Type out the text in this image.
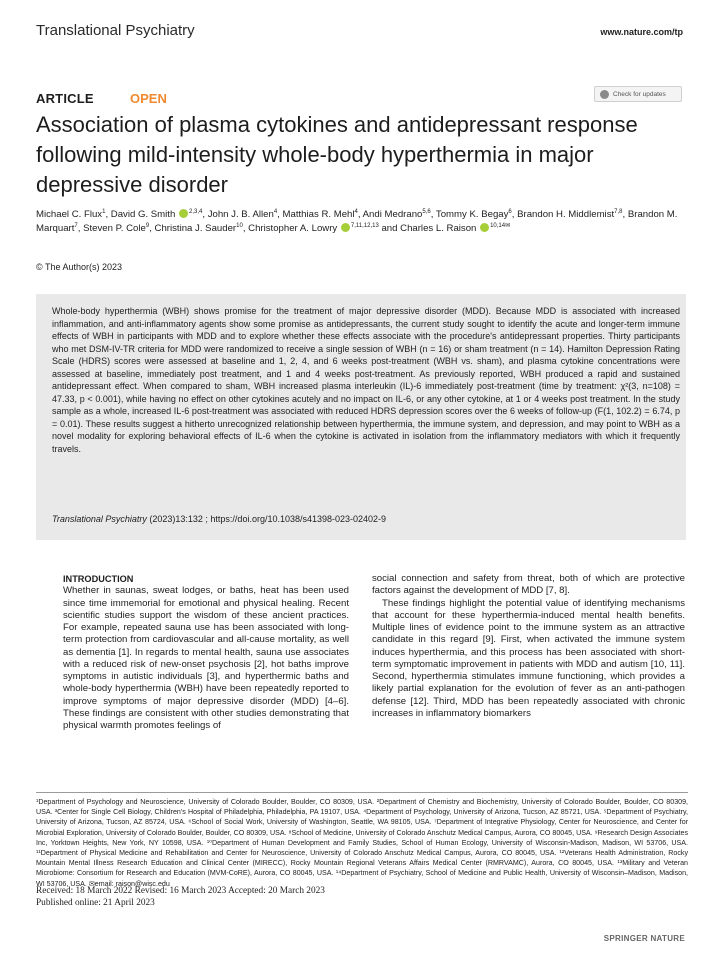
Translational Psychiatry	www.nature.com/tp
ARTICLE	OPEN	Check for updates
Association of plasma cytokines and antidepressant response following mild-intensity whole-body hyperthermia in major depressive disorder
Michael C. Flux$^1$, David G. Smith $^{2,3,4}$, John J. B. Allen$^4$, Matthias R. Mehl$^4$, Andi Medrano$^{5,6}$, Tommy K. Begay$^6$, Brandon H. Middlemist$^{7,8}$, Brandon M. Marquart$^7$, Steven P. Cole$^9$, Christina J. Sauder$^{10}$, Christopher A. Lowry $^{7,11,12,13}$ and Charles L. Raison $^{10,14✉}$
© The Author(s) 2023
Whole-body hyperthermia (WBH) shows promise for the treatment of major depressive disorder (MDD). Because MDD is associated with increased inflammation, and anti-inflammatory agents show some promise as antidepressants, the current study sought to identify the acute and longer-term immune effects of WBH in participants with MDD and to explore whether these effects associate with the procedure's antidepressant properties. Thirty participants who met DSM-IV-TR criteria for MDD were randomized to receive a single session of WBH (n = 16) or sham treatment (n = 14). Hamilton Depression Rating Scale (HDRS) scores were assessed at baseline and 1, 2, 4, and 6 weeks post-treatment (WBH vs. sham), and plasma cytokine concentrations were assessed at baseline, immediately post treatment, and 1 and 4 weeks post-treatment. As previously reported, WBH produced a rapid and sustained antidepressant effect. When compared to sham, WBH increased plasma interleukin (IL)-6 immediately post-treatment (time by treatment: χ²(3, n=108) = 47.33, p < 0.001), while having no effect on other cytokines acutely and no impact on IL-6, or any other cytokine, at 1 or 4 weeks post treatment. In the study sample as a whole, increased IL-6 post-treatment was associated with reduced HDRS depression scores over the 6 weeks of follow-up (F(1, 102.2) = 6.74, p = 0.01). These results suggest a hitherto unrecognized relationship between hyperthermia, the immune system, and depression, and may point to WBH as a novel modality for exploring behavioral effects of IL-6 when the cytokine is activated in isolation from the inflammatory mediators with which it frequently travels.
Translational Psychiatry (2023)13:132 ; https://doi.org/10.1038/s41398-023-02402-9
INTRODUCTION
Whether in saunas, sweat lodges, or baths, heat has been used since time immemorial for emotional and physical healing. Recent scientific studies support the wisdom of these ancient practices. For example, repeated sauna use has been associated with long-term protection from cardiovascular and all-cause mortality, as well as dementia [1]. In regards to mental health, sauna use associates with a reduced risk of new-onset psychosis [2], hot baths improve symptoms in autistic individuals [3], and hyperthermic baths and whole-body hyperthermia (WBH) have been repeatedly reported to improve symptoms of major depressive disorder (MDD) [4–6]. These findings are consistent with other studies demonstrating that physical warmth promotes feelings of
social connection and safety from threat, both of which are protective factors against the development of MDD [7, 8].
These findings highlight the potential value of identifying mechanisms that account for these hyperthermia-induced mental health benefits. Multiple lines of evidence point to the immune system as an attractive candidate in this regard [9]. First, when activated the immune system induces hyperthermia, and this process has been associated with short-term symptomatic improvement in patients with MDD and autism [10, 11]. Second, hyperthermia stimulates immune functioning, which provides a likely partial explanation for the evolution of fever as an anti-pathogen defense [12]. Third, MDD has been repeatedly associated with chronic increases in inflammatory biomarkers
¹Department of Psychology and Neuroscience, University of Colorado Boulder, Boulder, CO 80309, USA. ²Department of Chemistry and Biochemistry, University of Colorado Boulder, Boulder, CO 80309, USA. ³Center for Single Cell Biology, Children's Hospital of Philadelphia, Philadelphia, PA 19107, USA. ⁴Department of Psychology, University of Arizona, Tucson, AZ 85721, USA. ⁵Department of Psychiatry, University of Arizona, Tucson, AZ 85724, USA. ⁶School of Social Work, University of Washington, Seattle, WA 98105, USA. ⁷Department of Integrative Physiology, Center for Neuroscience, and Center for Microbial Exploration, University of Colorado Boulder, Boulder, CO 80309, USA. ⁸School of Medicine, University of Colorado Anschutz Medical Campus, Aurora, CO 80045, USA. ⁹Research Design Associates Inc, Yorktown Heights, New York, NY 10598, USA. ¹⁰Department of Human Development and Family Studies, School of Human Ecology, University of Wisconsin-Madison, Madison, WI 53706, USA. ¹¹Department of Physical Medicine and Rehabilitation and Center for Neuroscience, University of Colorado Anschutz Medical Campus, Aurora, CO 80045, USA. ¹²Veterans Health Administration, Rocky Mountain Mental Illness Research Education and Clinical Center (MIRECC), Rocky Mountain Regional Veterans Affairs Medical Center (RMRVAMC), Aurora, CO 80045, USA. ¹³Military and Veteran Microbiome: Consortium for Research and Education (MVM-CoRE), Aurora, CO 80045, USA. ¹⁴Department of Psychiatry, School of Medicine and Public Health, University of Wisconsin–Madison, Madison, WI 53706, USA. ✉email: raison@wisc.edu
Received: 18 March 2022 Revised: 16 March 2023 Accepted: 20 March 2023
Published online: 21 April 2023
SPRINGER NATURE
